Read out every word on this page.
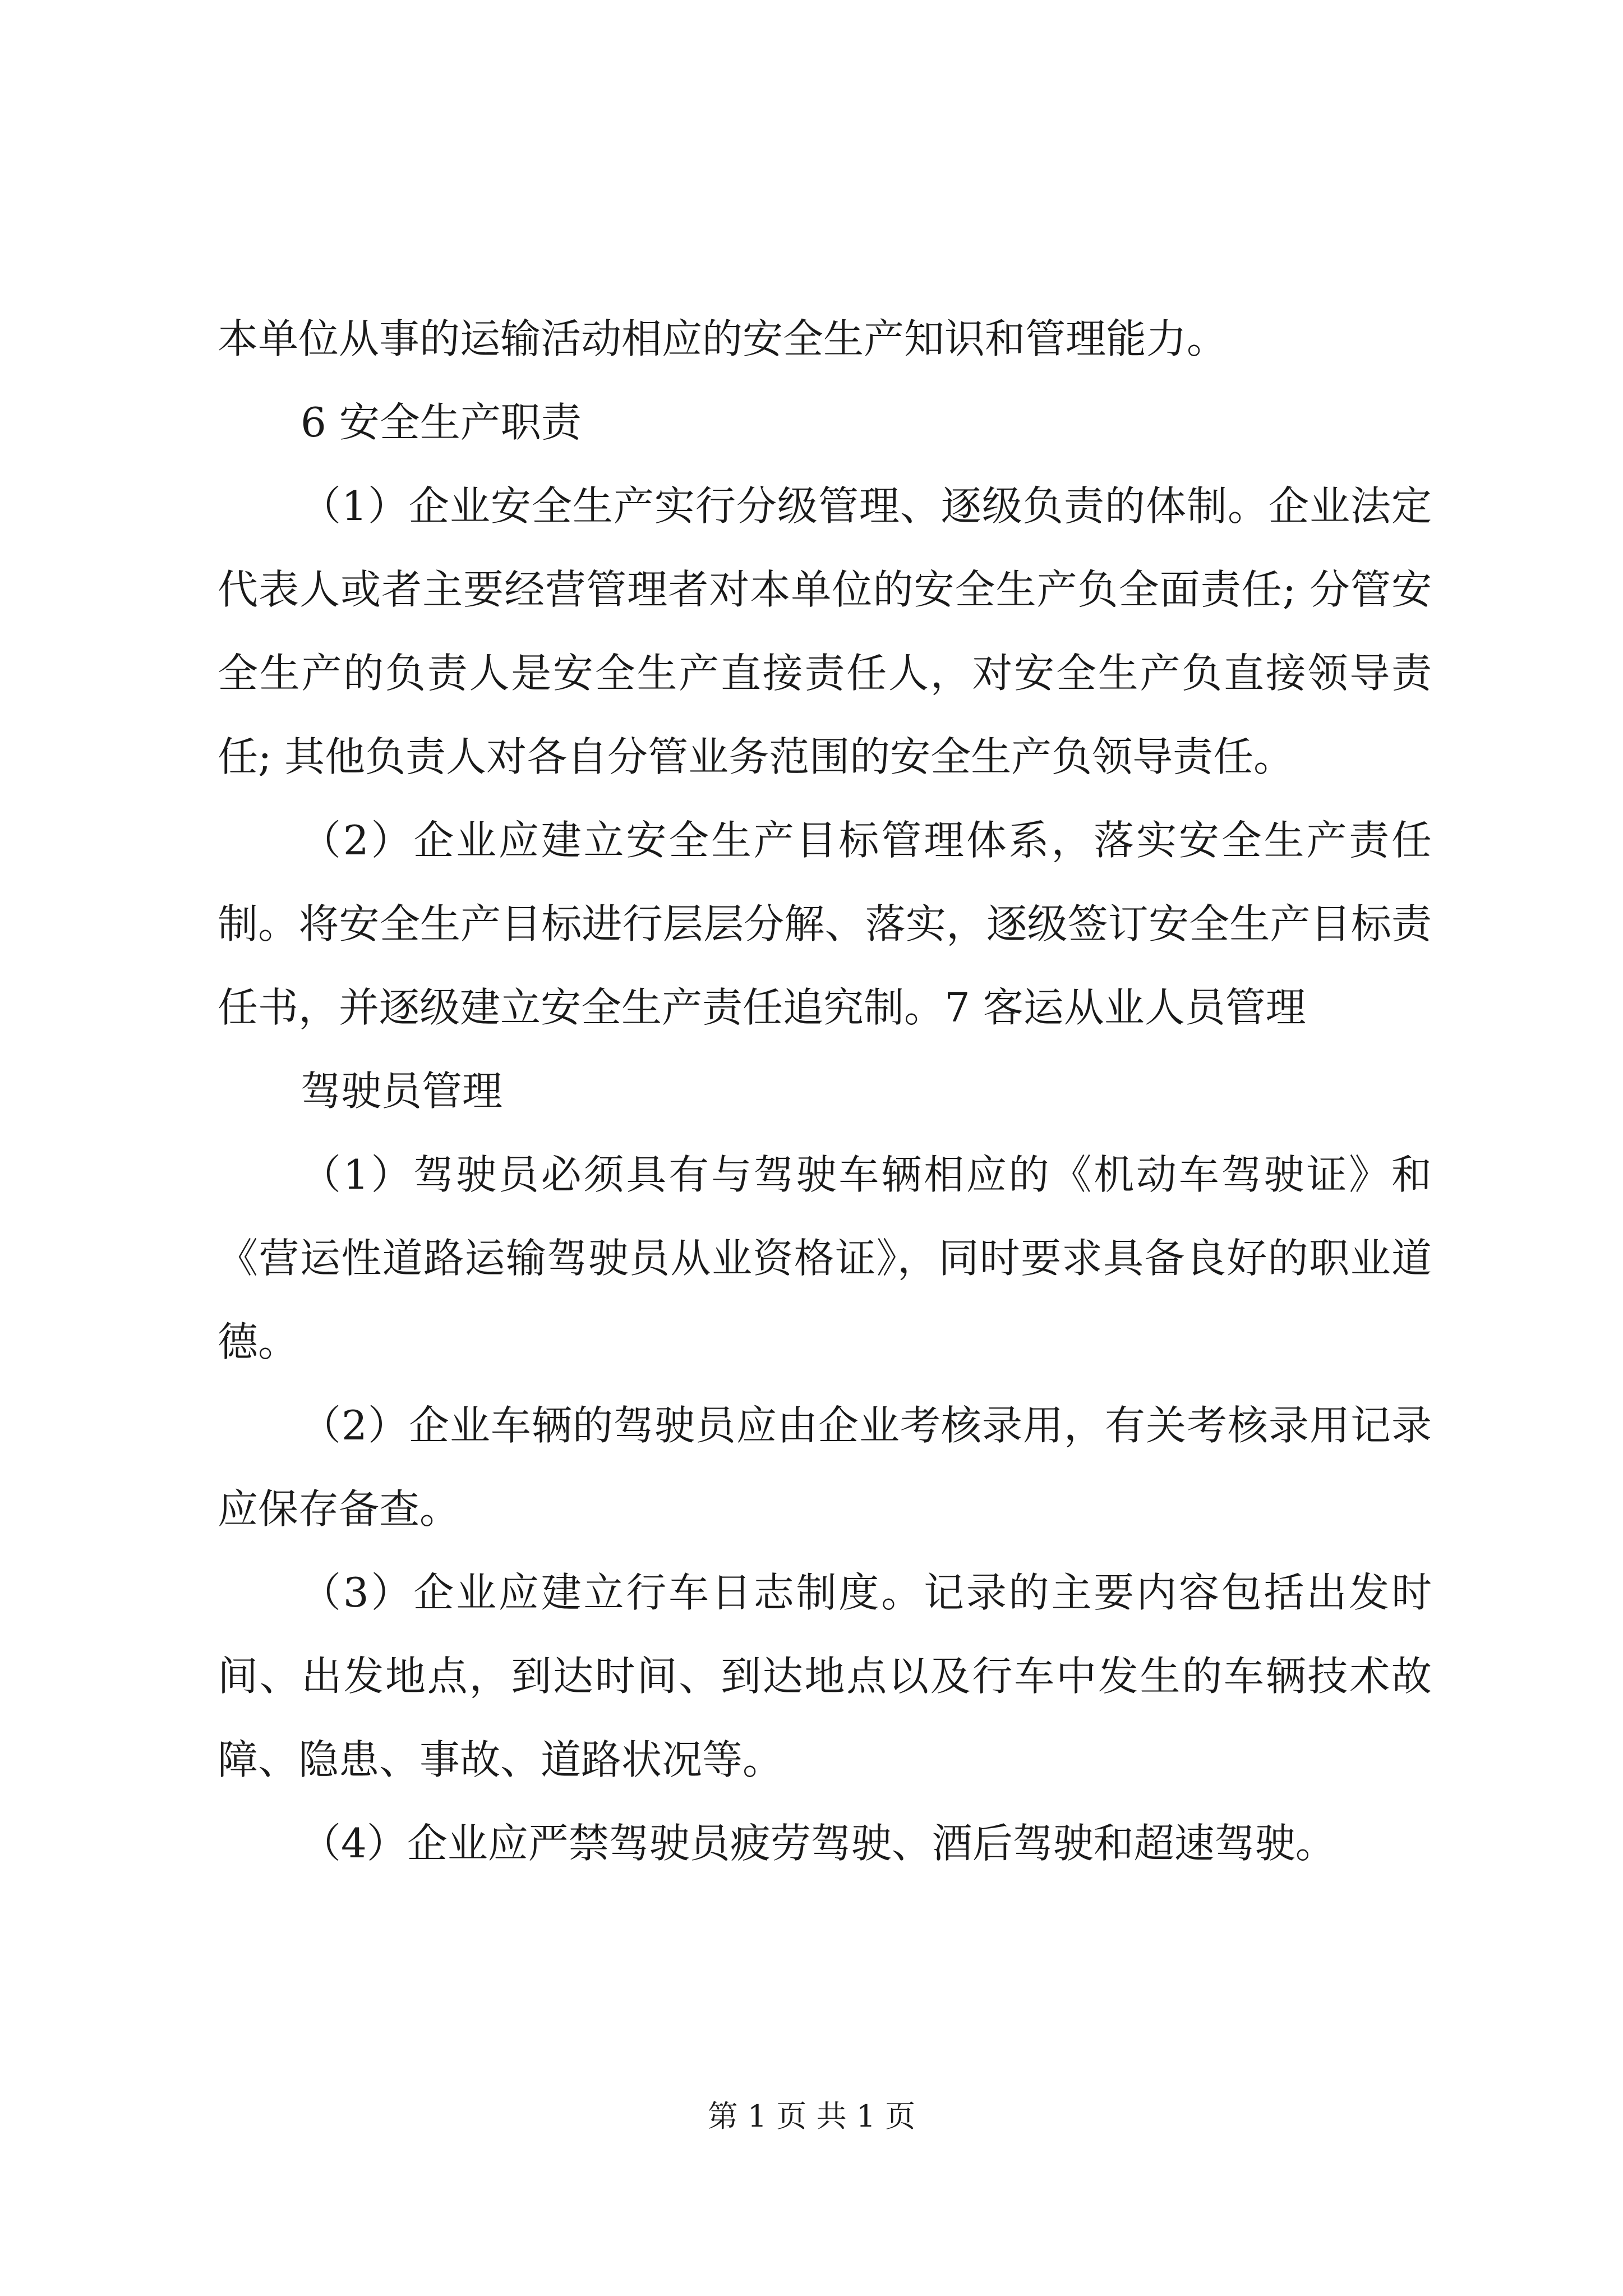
本单位从事的运输活动相应的安全生产知识和管理能力。

6 安全生产职责

（1）企业安全生产实行分级管理、逐级负责的体制。企业法定代表人或者主要经营管理者对本单位的安全生产负全面责任; 分管安全生产的负责人是安全生产直接责任人，对安全生产负直接领导责任; 其他负责人对各自分管业务范围的安全生产负领导责任。

（2）企业应建立安全生产目标管理体系，落实安全生产责任制。将安全生产目标进行层层分解、落实，逐级签订安全生产目标责任书，并逐级建立安全生产责任追究制。7 客运从业人员管理

驾驶员管理

（1）驾驶员必须具有与驾驶车辆相应的《机动车驾驶证》和《营运性道路运输驾驶员从业资格证》，同时要求具备良好的职业道德。

（2）企业车辆的驾驶员应由企业考核录用，有关考核录用记录应保存备查。

（3）企业应建立行车日志制度。记录的主要内容包括出发时间、出发地点，到达时间、到达地点以及行车中发生的车辆技术故障、隐患、事故、道路状况等。

（4）企业应严禁驾驶员疲劳驾驶、酒后驾驶和超速驾驶。

第 1 页 共 1 页
